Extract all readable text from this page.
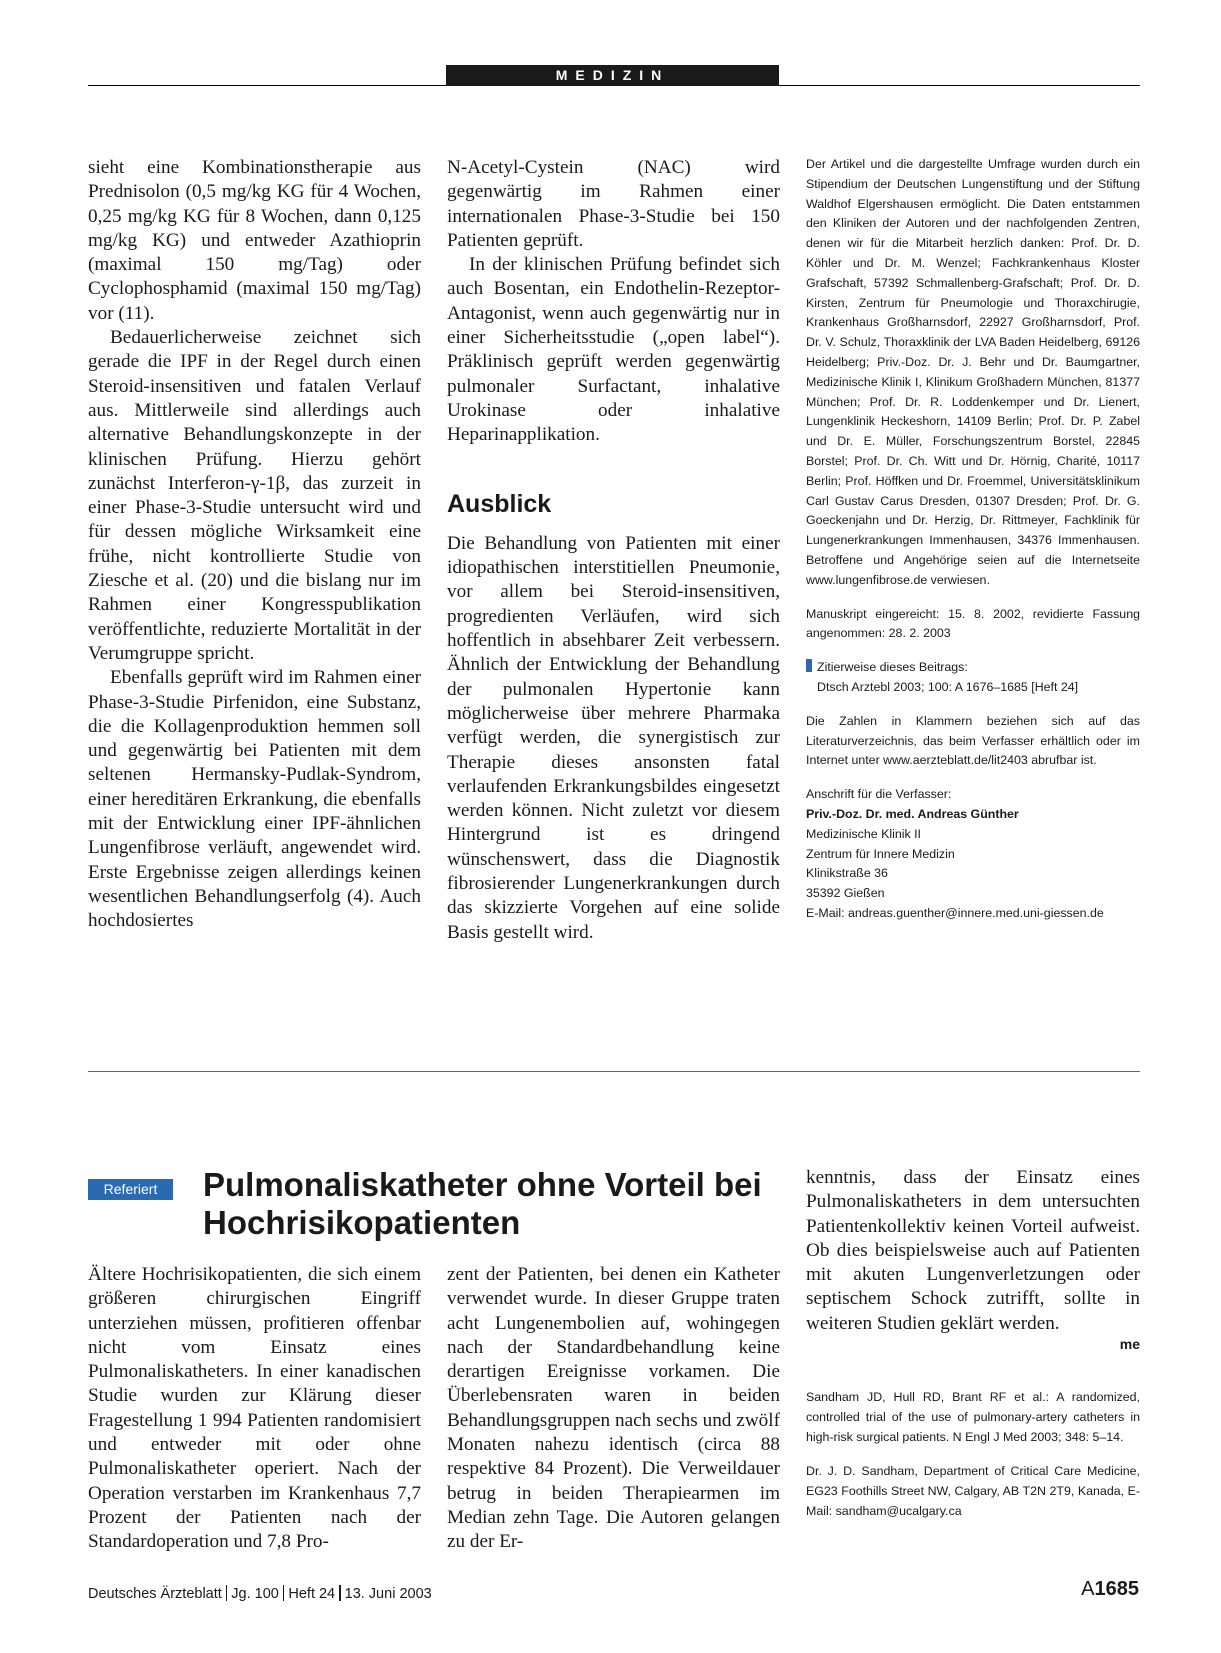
MEDIZIN

sieht eine Kombinationstherapie aus Prednisolon (0,5 mg/kg KG für 4 Wochen, 0,25 mg/kg KG für 8 Wochen, dann 0,125 mg/kg KG) und entweder Azathioprin (maximal 150 mg/Tag) oder Cyclophosphamid (maximal 150 mg/Tag) vor (11).

Bedauerlicherweise zeichnet sich gerade die IPF in der Regel durch einen Steroid-insensitiven und fatalen Verlauf aus. Mittlerweile sind allerdings auch alternative Behandlungskonzepte in der klinischen Prüfung. Hierzu gehört zunächst Interferon-γ-1β, das zurzeit in einer Phase-3-Studie untersucht wird und für dessen mögliche Wirksamkeit eine frühe, nicht kontrollierte Studie von Ziesche et al. (20) und die bislang nur im Rahmen einer Kongresspublikation veröffentlichte, reduzierte Mortalität in der Verumgruppe spricht.

Ebenfalls geprüft wird im Rahmen einer Phase-3-Studie Pirfenidon, eine Substanz, die die Kollagenproduktion hemmen soll und gegenwärtig bei Patienten mit dem seltenen Hermansky-Pudlak-Syndrom, einer hereditären Erkrankung, die ebenfalls mit der Entwicklung einer IPF-ähnlichen Lungenfibrose verläuft, angewendet wird. Erste Ergebnisse zeigen allerdings keinen wesentlichen Behandlungserfolg (4). Auch hochdosiertes

N-Acetyl-Cystein (NAC) wird gegenwärtig im Rahmen einer internationalen Phase-3-Studie bei 150 Patienten geprüft.

In der klinischen Prüfung befindet sich auch Bosentan, ein Endothelin-Rezeptor-Antagonist, wenn auch gegenwärtig nur in einer Sicherheitsstudie („open label“). Präklinisch geprüft werden gegenwärtig pulmonaler Surfactant, inhalative Urokinase oder inhalative Heparinapplikation.

Ausblick

Die Behandlung von Patienten mit einer idiopathischen interstitiellen Pneumonie, vor allem bei Steroid-insensitiven, progredienten Verläufen, wird sich hoffentlich in absehbarer Zeit verbessern. Ähnlich der Entwicklung der Behandlung der pulmonalen Hypertonie kann möglicherweise über mehrere Pharmaka verfügt werden, die synergistisch zur Therapie dieses ansonsten fatal verlaufenden Erkrankungsbildes eingesetzt werden können. Nicht zuletzt vor diesem Hintergrund ist es dringend wünschenswert, dass die Diagnostik fibrosierender Lungenerkrankungen durch das skizzierte Vorgehen auf eine solide Basis gestellt wird.

Der Artikel und die dargestellte Umfrage wurden durch ein Stipendium der Deutschen Lungenstiftung und der Stiftung Waldhof Elgershausen ermöglicht. Die Daten entstammen den Kliniken der Autoren und der nachfolgenden Zentren, denen wir für die Mitarbeit herzlich danken: Prof. Dr. D. Köhler und Dr. M. Wenzel; Fachkrankenhaus Kloster Grafschaft, 57392 Schmallenberg-Grafschaft; Prof. Dr. D. Kirsten, Zentrum für Pneumologie und Thoraxchirugie, Krankenhaus Großharnsdorf, 22927 Großharnsdorf, Prof. Dr. V. Schulz, Thoraxklinik der LVA Baden Heidelberg, 69126 Heidelberg; Priv.-Doz. Dr. J. Behr und Dr. Baumgartner, Medizinische Klinik I, Klinikum Großhadern München, 81377 München; Prof. Dr. R. Loddenkemper und Dr. Lienert, Lungenklinik Heckeshorn, 14109 Berlin; Prof. Dr. P. Zabel und Dr. E. Müller, Forschungszentrum Borstel, 22845 Borstel; Prof. Dr. Ch. Witt und Dr. Hörnig, Charité, 10117 Berlin; Prof. Höffken und Dr. Froemmel, Universitätsklinikum Carl Gustav Carus Dresden, 01307 Dresden; Prof. Dr. G. Goeckenjahn und Dr. Herzig, Dr. Rittmeyer, Fachklinik für Lungenerkrankungen Immenhausen, 34376 Immenhausen. Betroffene und Angehörige seien auf die Internetseite www.lungenfibrose.de verwiesen.

Manuskript eingereicht: 15. 8. 2002, revidierte Fassung angenommen: 28. 2. 2003

Zitierweise dieses Beitrags:

Dtsch Arztebl 2003; 100: A 1676–1685 [Heft 24]

Die Zahlen in Klammern beziehen sich auf das Literaturverzeichnis, das beim Verfasser erhältlich oder im Internet unter www.aerzteblatt.de/lit2403 abrufbar ist.

Anschrift für die Verfasser:

Priv.-Doz. Dr. med. Andreas Günther

Medizinische Klinik II

Zentrum für Innere Medizin

Klinikstraße 36

35392 Gießen

E-Mail: andreas.guenther@innere.med.uni-giessen.de

Referiert	Pulmonaliskatheter ohne Vorteil bei
Hochrisikopatienten

Ältere Hochrisikopatienten, die sich einem größeren chirurgischen Eingriff unterziehen müssen, profitieren offenbar nicht vom Einsatz eines Pulmonaliskatheters. In einer kanadischen Studie wurden zur Klärung dieser Fragestellung 1 994 Patienten randomisiert und entweder mit oder ohne Pulmonaliskatheter operiert. Nach der Operation verstarben im Krankenhaus 7,7 Prozent der Patienten nach der Standardoperation und 7,8 Pro-

zent der Patienten, bei denen ein Katheter verwendet wurde. In dieser Gruppe traten acht Lungenembolien auf, wohingegen nach der Standardbehandlung keine derartigen Ereignisse vorkamen. Die Überlebensraten waren in beiden Behandlungsgruppen nach sechs und zwölf Monaten nahezu identisch (circa 88 respektive 84 Prozent). Die Verweildauer betrug in beiden Therapiearmen im Median zehn Tage. Die Autoren gelangen zu der Er-

kenntnis, dass der Einsatz eines Pulmonaliskatheters in dem untersuchten Patientenkollektiv keinen Vorteil aufweist. Ob dies beispielsweise auch auf Patienten mit akuten Lungenverletzungen oder septischem Schock zutrifft, sollte in weiteren Studien geklärt werden.

me

Sandham JD, Hull RD, Brant RF et al.: A randomized, controlled trial of the use of pulmonary-artery catheters in high-risk surgical patients. N Engl J Med 2003; 348: 5–14.

Dr. J. D. Sandham, Department of Critical Care Medicine, EG23 Foothills Street NW, Calgary, AB T2N 2T9, Kanada, E-Mail: sandham@ucalgary.ca

Deutsches Ärzteblatt Jg. 100 Heft 24 13. Juni 2003	A1685
